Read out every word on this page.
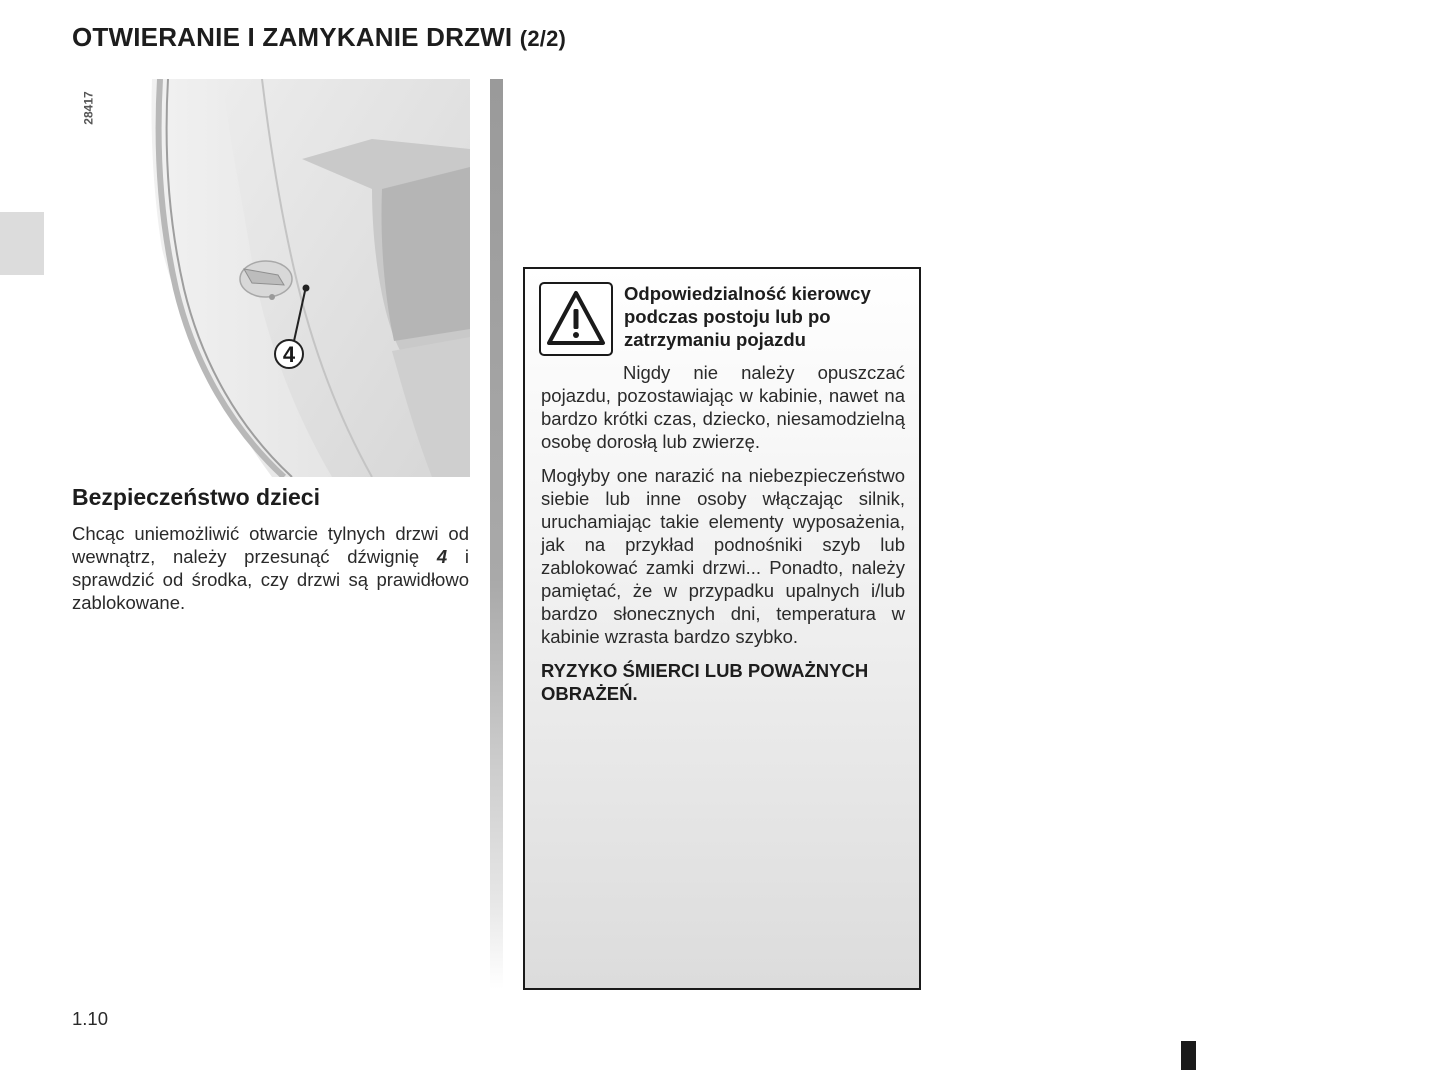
OTWIERANIE I ZAMYKANIE DRZWI (2/2)
4
28417
Bezpieczeństwo dzieci

Chcąc uniemożliwić otwarcie tylnych drzwi od wewnątrz, należy przesunąć dźwignię 4 i sprawdzić od środka, czy drzwi są prawidłowo zablokowane.

Odpowiedzialność kierowcy podczas postoju lub po zatrzymaniu pojazdu

Nigdy nie należy opuszczać pojazdu, pozostawiając w kabinie, nawet na bardzo krótki czas, dziecko, niesamodzielną osobę dorosłą lub zwierzę.

Mogłyby one narazić na niebezpieczeństwo siebie lub inne osoby włączając silnik, uruchamiając takie elementy wyposażenia, jak na przykład podnośniki szyb lub zablokować zamki drzwi... Ponadto, należy pamiętać, że w przypadku upalnych i/lub bardzo słonecznych dni, temperatura w kabinie wzrasta bardzo szybko.

RYZYKO ŚMIERCI LUB POWAŻNYCH OBRAŻEŃ.

1.10
